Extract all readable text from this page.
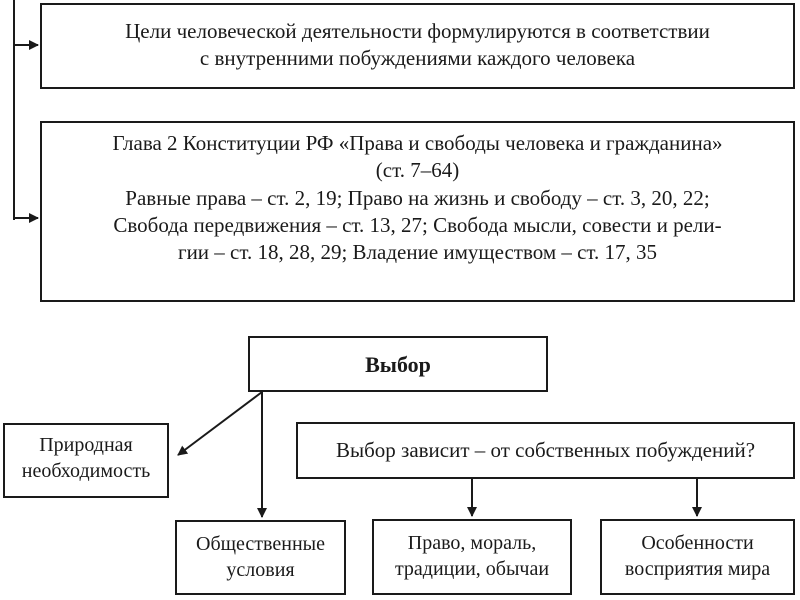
Цели человеческой деятельности формулируются в соответствии
с внутренними побуждениями каждого человека
Глава 2 Конституции РФ «Права и свободы человека и гражданина»
(ст. 7–64)
Равные права – ст. 2, 19; Право на жизнь и свободу – ст. 3, 20, 22;
Свобода передвижения – ст. 13, 27; Свобода мысли, совести и рели-
гии – ст. 18, 28, 29; Владение имуществом – ст. 17, 35
Выбор
Природная
необходимость
Выбор зависит – от собственных побуждений?
Общественные
условия
Право, мораль,
традиции, обычаи
Особенности
восприятия мира
